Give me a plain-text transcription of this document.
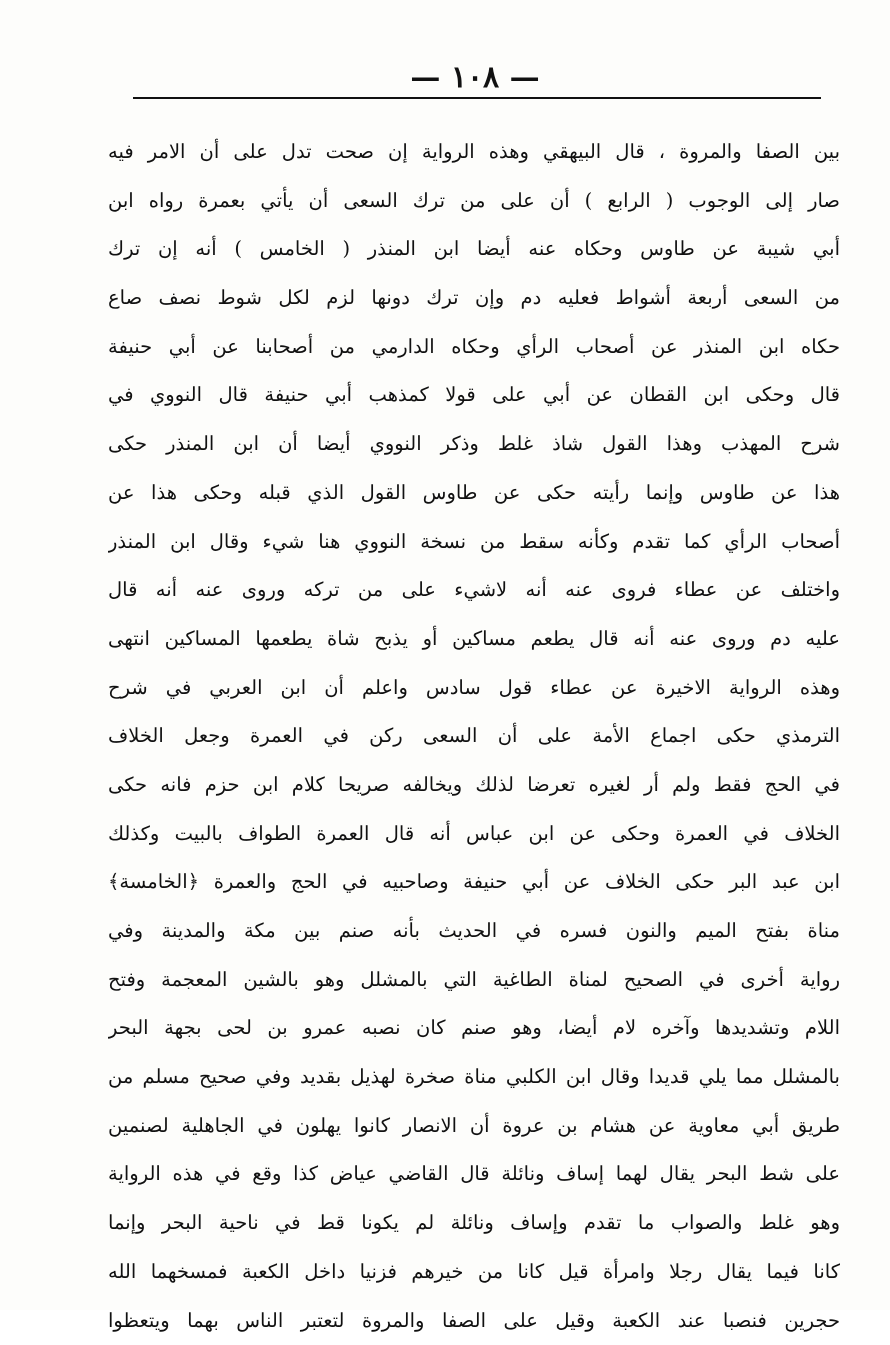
— ١٠٨ —
بين الصفا والمروة ، قال البيهقي وهذه الرواية إن صحت تدل على أن الامر فيه
صار إلى الوجوب ( الرابع ) أن على من ترك السعى أن يأتي بعمرة رواه ابن
أبي شيبة عن طاوس وحكاه عنه أيضا ابن المنذر ( الخامس ) أنه إن ترك
من السعى أربعة أشواط فعليه دم وإن ترك دونها لزم لكل شوط نصف صاع
حكاه ابن المنذر عن أصحاب الرأي وحكاه الدارمي من أصحابنا عن أبي حنيفة
قال وحكى ابن القطان عن أبي على قولا كمذهب أبي حنيفة قال النووي في
شرح المهذب وهذا القول شاذ غلط وذكر النووي أيضا أن ابن المنذر حكى
هذا عن طاوس وإنما رأيته حكى عن طاوس القول الذي قبله وحكى هذا عن
أصحاب الرأي كما تقدم وكأنه سقط من نسخة النووي هنا شيء وقال ابن المنذر
واختلف عن عطاء فروى عنه أنه لاشيء على من تركه وروى عنه أنه قال
عليه دم وروى عنه أنه قال يطعم مساكين أو يذبح شاة يطعمها المساكين انتهى
وهذه الرواية الاخيرة عن عطاء قول سادس واعلم أن ابن العربي في شرح
الترمذي حكى اجماع الأمة على أن السعى ركن في العمرة وجعل الخلاف
في الحج فقط ولم أر لغيره تعرضا لذلك ويخالفه صريحا كلام ابن حزم فانه حكى
الخلاف في العمرة وحكى عن ابن عباس أنه قال العمرة الطواف بالبيت وكذلك
ابن عبد البر حكى الخلاف عن أبي حنيفة وصاحبيه في الحج والعمرة ﴿الخامسة﴾
مناة بفتح الميم والنون فسره في الحديث بأنه صنم بين مكة والمدينة وفي
رواية أخرى في الصحيح لمناة الطاغية التي بالمشلل وهو بالشين المعجمة وفتح
اللام وتشديدها وآخره لام أيضا، وهو صنم كان نصبه عمرو بن لحى بجهة البحر
بالمشلل مما يلي قديدا وقال ابن الكلبي مناة صخرة لهذيل بقديد وفي صحيح مسلم من
طريق أبي معاوية عن هشام بن عروة أن الانصار كانوا يهلون في الجاهلية لصنمين
على شط البحر يقال لهما إساف ونائلة قال القاضي عياض كذا وقع في هذه الرواية
وهو غلط والصواب ما تقدم وإساف ونائلة لم يكونا قط في ناحية البحر وإنما
كانا فيما يقال رجلا وامرأة قيل كانا من خيرهم فزنيا داخل الكعبة فمسخهما الله
حجرين فنصبا عند الكعبة وقيل على الصفا والمروة لتعتبر الناس بهما ويتعظوا
